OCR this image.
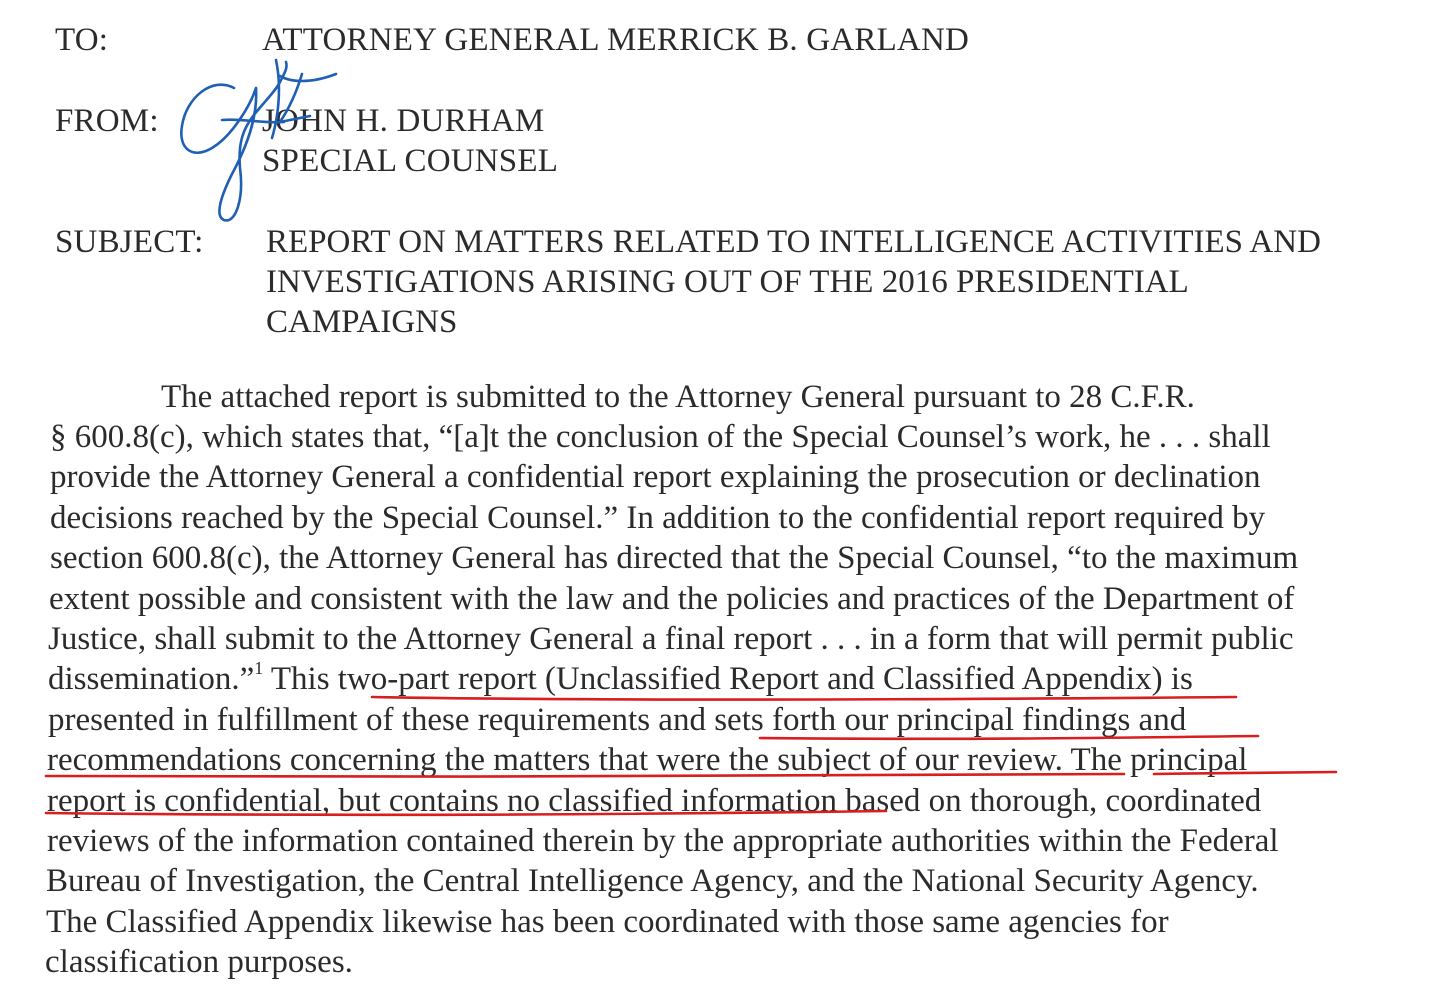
TO:	ATTORNEY GENERAL MERRICK B. GARLAND
FROM:	JOHN H. DURHAM
SPECIAL COUNSEL
SUBJECT: REPORT ON MATTERS RELATED TO INTELLIGENCE ACTIVITIES AND
INVESTIGATIONS ARISING OUT OF THE 2016 PRESIDENTIAL
CAMPAIGNS
The attached report is submitted to the Attorney General pursuant to 28 C.F.R.
§ 600.8(c), which states that, “[a]t the conclusion of the Special Counsel’s work, he . . . shall
provide the Attorney General a confidential report explaining the prosecution or declination
decisions reached by the Special Counsel.” In addition to the confidential report required by
section 600.8(c), the Attorney General has directed that the Special Counsel, “to the maximum
extent possible and consistent with the law and the policies and practices of the Department of
Justice, shall submit to the Attorney General a final report . . . in a form that will permit public
dissemination.”$^1$ This two-part report (Unclassified Report and Classified Appendix) is
presented in fulfillment of these requirements and sets forth our principal findings and
recommendations concerning the matters that were the subject of our review. The principal
report is confidential, but contains no classified information based on thorough, coordinated
reviews of the information contained therein by the appropriate authorities within the Federal
Bureau of Investigation, the Central Intelligence Agency, and the National Security Agency.
The Classified Appendix likewise has been coordinated with those same agencies for
classification purposes.
